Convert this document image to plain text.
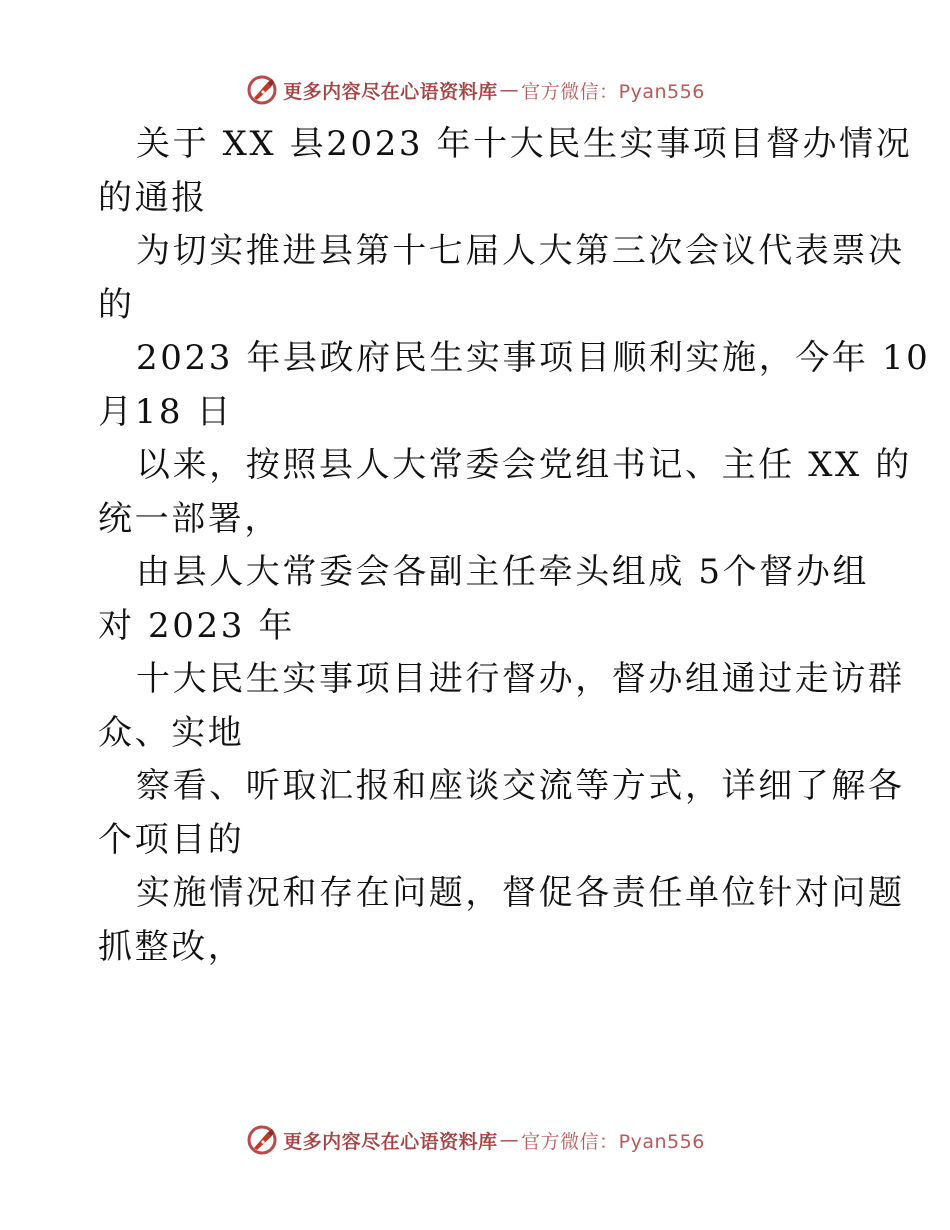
更多内容尽在心语资料库 — 官方微信：Pyan556
关于 XX 县2023 年十大民生实事项目督办情况
的通报
为切实推进县第十七届人大第三次会议代表票决
的
2023 年县政府民生实事项目顺利实施，今年 10
月18 日
以来，按照县人大常委会党组书记、主任 XX 的
统一部署，
由县人大常委会各副主任牵头组成 5个督办组
对 2023 年
十大民生实事项目进行督办，督办组通过走访群
众、实地
察看、听取汇报和座谈交流等方式，详细了解各
个项目的
实施情况和存在问题，督促各责任单位针对问题
抓整改，
更多内容尽在心语资料库 — 官方微信：Pyan556
